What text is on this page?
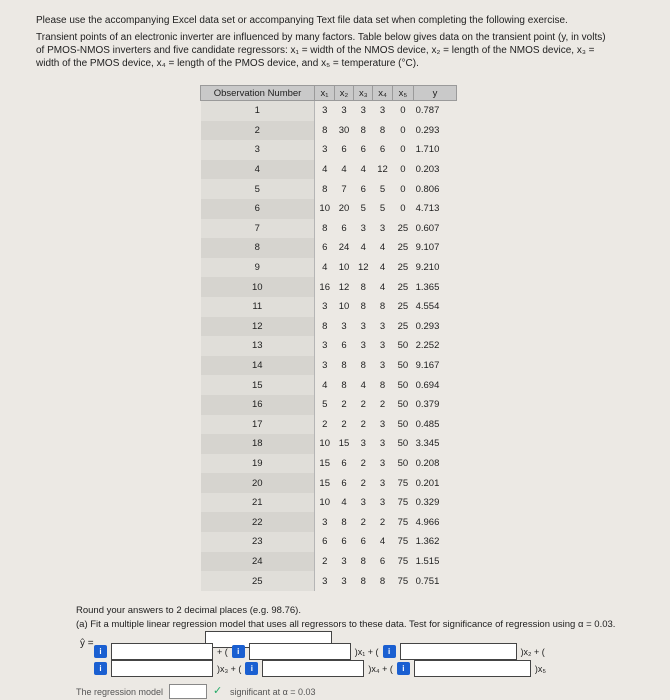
Please use the accompanying Excel data set or accompanying Text file data set when completing the following exercise.

Transient points of an electronic inverter are influenced by many factors. Table below gives data on the transient point (y, in volts) of PMOS-NMOS inverters and five candidate regressors: x₁ = width of the NMOS device, x₂ = length of the NMOS device, x₃ = width of the PMOS device, x₄ = length of the PMOS device, and x₅ = temperature (°C).

Observation Number	x₁	x₂	x₃	x₄	x₅	y
1	3	3	3	3	0	0.787
2	8	30	8	8	0	0.293
3	3	6	6	6	0	1.710
4	4	4	4	12	0	0.203
5	8	7	6	5	0	0.806
6	10	20	5	5	0	4.713
7	8	6	3	3	25	0.607
8	6	24	4	4	25	9.107
9	4	10	12	4	25	9.210
10	16	12	8	4	25	1.365
11	3	10	8	8	25	4.554
12	8	3	3	3	25	0.293
13	3	6	3	3	50	2.252
14	3	8	8	3	50	9.167
15	4	8	4	8	50	0.694
16	5	2	2	2	50	0.379
17	2	2	2	3	50	0.485
18	10	15	3	3	50	3.345
19	15	6	2	3	50	0.208
20	15	6	2	3	75	0.201
21	10	4	3	3	75	0.329
22	3	8	2	2	75	4.966
23	6	6	6	4	75	1.362
24	2	3	8	6	75	1.515
25	3	3	8	8	75	0.751

Round your answers to 2 decimal places (e.g. 98.76).

(a) Fit a multiple linear regression model that uses all regressors to these data. Test for significance of regression using α = 0.03.

ŷ =
i	+ (	i	)x₁ + (	i	)x₂ + (
i	)x₃ + (	i	)x₄ + (	i	)x₅
The regression model	✓ significant at α = 0.03
